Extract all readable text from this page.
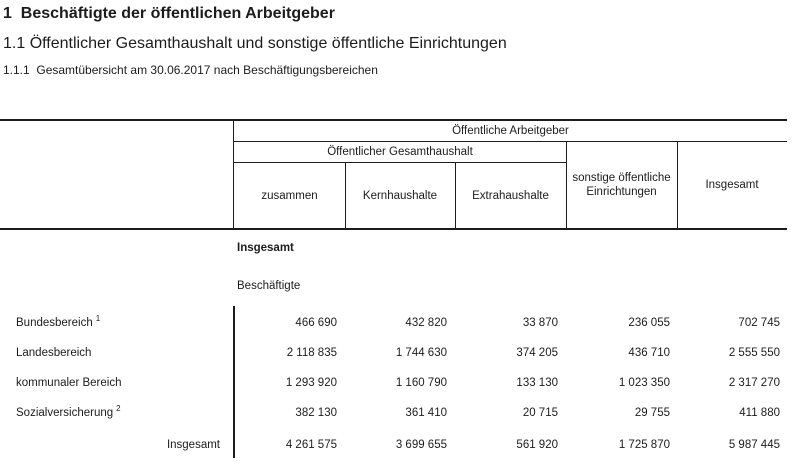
1  Beschäftigte der öffentlichen Arbeitgeber
1.1 Öffentlicher Gesamthaushalt und sonstige öffentliche Einrichtungen
1.1.1  Gesamtübersicht am 30.06.2017 nach Beschäftigungsbereichen
Öffentliche Arbeitgeber
Öffentlicher Gesamthaushalt
zusammen	Kernhaushalte	Extrahaushalte
sonstige öffentliche Einrichtungen
Insgesamt
Insgesamt
Beschäftigte
Bundesbereich $^1$	466 690	432 820	33 870	236 055	702 745
Landesbereich	2 118 835	1 744 630	374 205	436 710	2 555 550
kommunaler Bereich	1 293 920	1 160 790	133 130	1 023 350	2 317 270
Sozialversicherung $^2$	382 130	361 410	20 715	29 755	411 880
Insgesamt	4 261 575	3 699 655	561 920	1 725 870	5 987 445
